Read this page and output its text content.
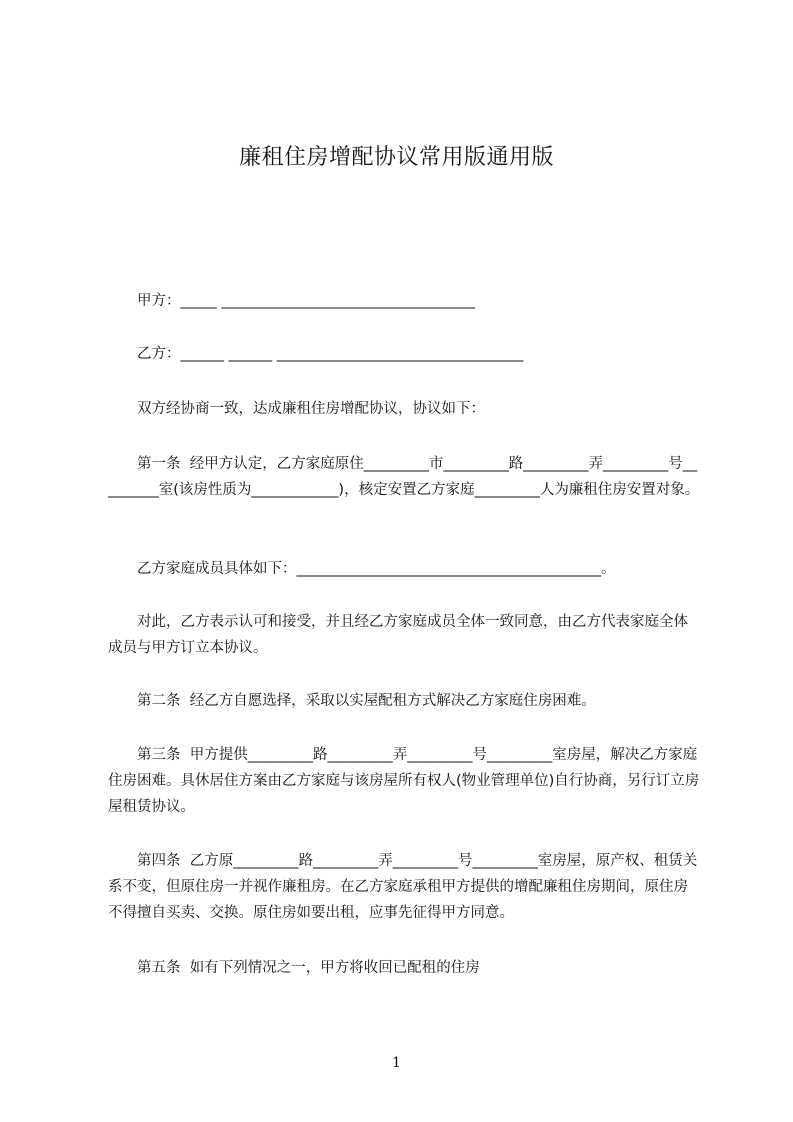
廉租住房增配协议常用版通用版

甲方：_____ ___________________________________

乙方：______ ______ __________________________________

双方经协商一致，达成廉租住房增配协议，协议如下：

第一条  经甲方认定，乙方家庭原住_________市_________路_________弄_________号_________室(该房性质为____________)，核定安置乙方家庭_________人为廉租住房安置对象。

乙方家庭成员具体如下：__________________________________________。

对此，乙方表示认可和接受，并且经乙方家庭成员全体一致同意，由乙方代表家庭全体成员与甲方订立本协议。

第二条  经乙方自愿选择，采取以实屋配租方式解决乙方家庭住房困难。

第三条  甲方提供_________路_________弄_________号_________室房屋，解决乙方家庭住房困难。具休居住方案由乙方家庭与该房屋所有权人(物业管理单位)自行协商，另行订立房屋租赁协议。

第四条  乙方原_________路_________弄_________号_________室房屋，原产权、租赁关系不变，但原住房一并视作廉租房。在乙方家庭承租甲方提供的增配廉租住房期间，原住房不得擅自买卖、交换。原住房如要出租，应事先征得甲方同意。

第五条  如有下列情况之一，甲方将收回已配租的住房

1
